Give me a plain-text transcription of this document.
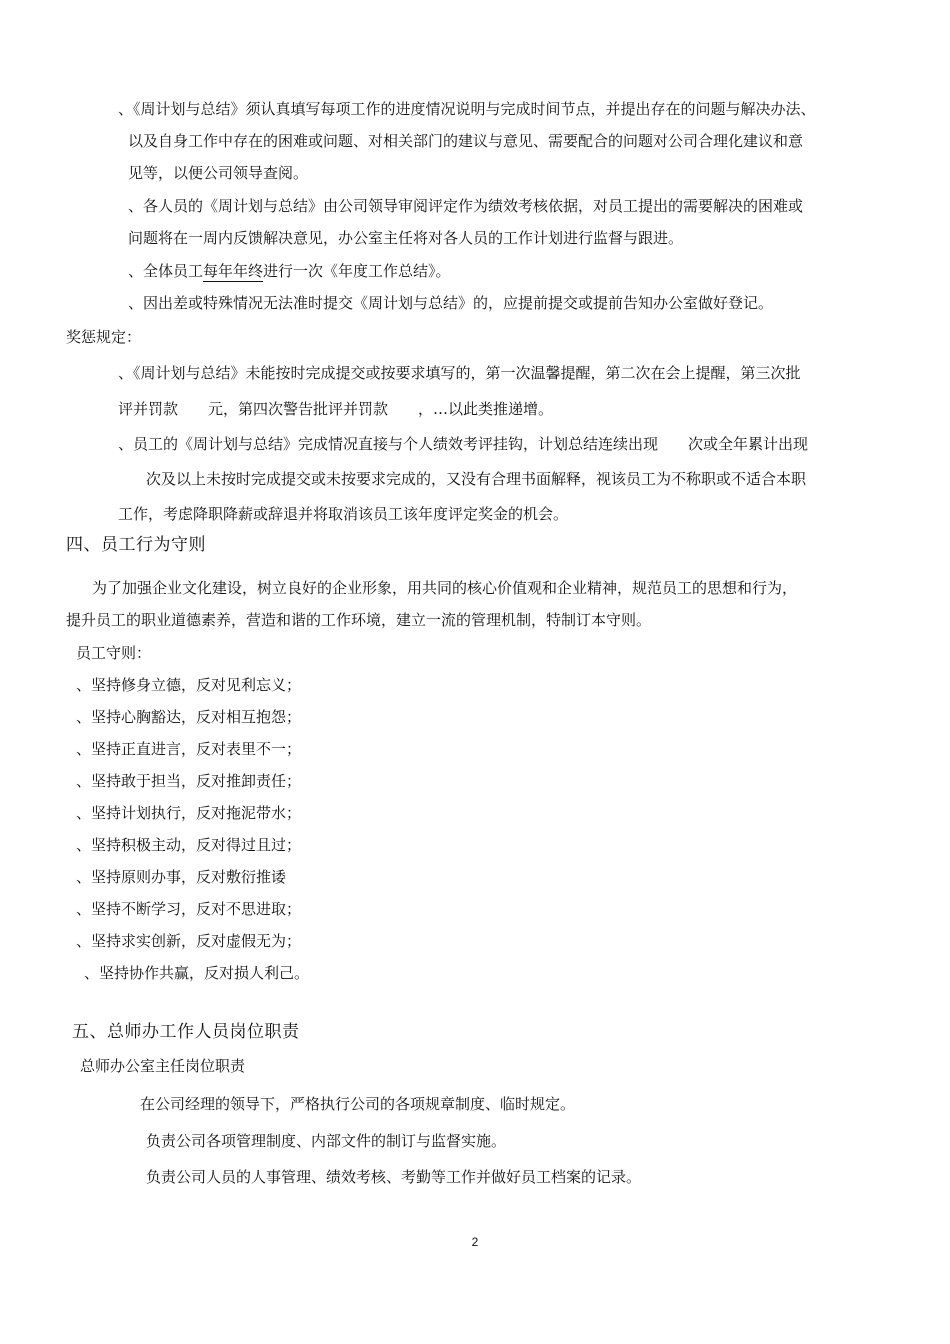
、《周计划与总结》须认真填写每项工作的进度情况说明与完成时间节点，并提出存在的问题与解决办法、
以及自身工作中存在的困难或问题、对相关部门的建议与意见、需要配合的问题对公司合理化建议和意
见等，以便公司领导查阅。
、各人员的《周计划与总结》由公司领导审阅评定作为绩效考核依据，对员工提出的需要解决的困难或
问题将在一周内反馈解决意见，办公室主任将对各人员的工作计划进行监督与跟进。
、全体员工每年年终进行一次《年度工作总结》。
、因出差或特殊情况无法准时提交《周计划与总结》的，应提前提交或提前告知办公室做好登记。
奖惩规定：
、《周计划与总结》未能按时完成提交或按要求填写的，第一次温馨提醒，第二次在会上提醒，第三次批
评并罚款　　元，第四次警告批评并罚款　　，…以此类推递增。
、员工的《周计划与总结》完成情况直接与个人绩效考评挂钩，计划总结连续出现　　次或全年累计出现
次及以上未按时完成提交或未按要求完成的，又没有合理书面解释，视该员工为不称职或不适合本职
工作，考虑降职降薪或辞退并将取消该员工该年度评定奖金的机会。
四、员工行为守则
为了加强企业文化建设，树立良好的企业形象，用共同的核心价值观和企业精神，规范员工的思想和行为，
提升员工的职业道德素养，营造和谐的工作环境，建立一流的管理机制，特制订本守则。
员工守则：
、坚持修身立德，反对见利忘义；
、坚持心胸豁达，反对相互抱怨；
、坚持正直进言，反对表里不一；
、坚持敢于担当，反对推卸责任；
、坚持计划执行，反对拖泥带水；
、坚持积极主动，反对得过且过；
、坚持原则办事，反对敷衍推诿
、坚持不断学习，反对不思进取；
、坚持求实创新，反对虚假无为；
、坚持协作共赢，反对损人利己。
五、总师办工作人员岗位职责
总师办公室主任岗位职责
在公司经理的领导下，严格执行公司的各项规章制度、临时规定。
负责公司各项管理制度、内部文件的制订与监督实施。
负责公司人员的人事管理、绩效考核、考勤等工作并做好员工档案的记录。
2
